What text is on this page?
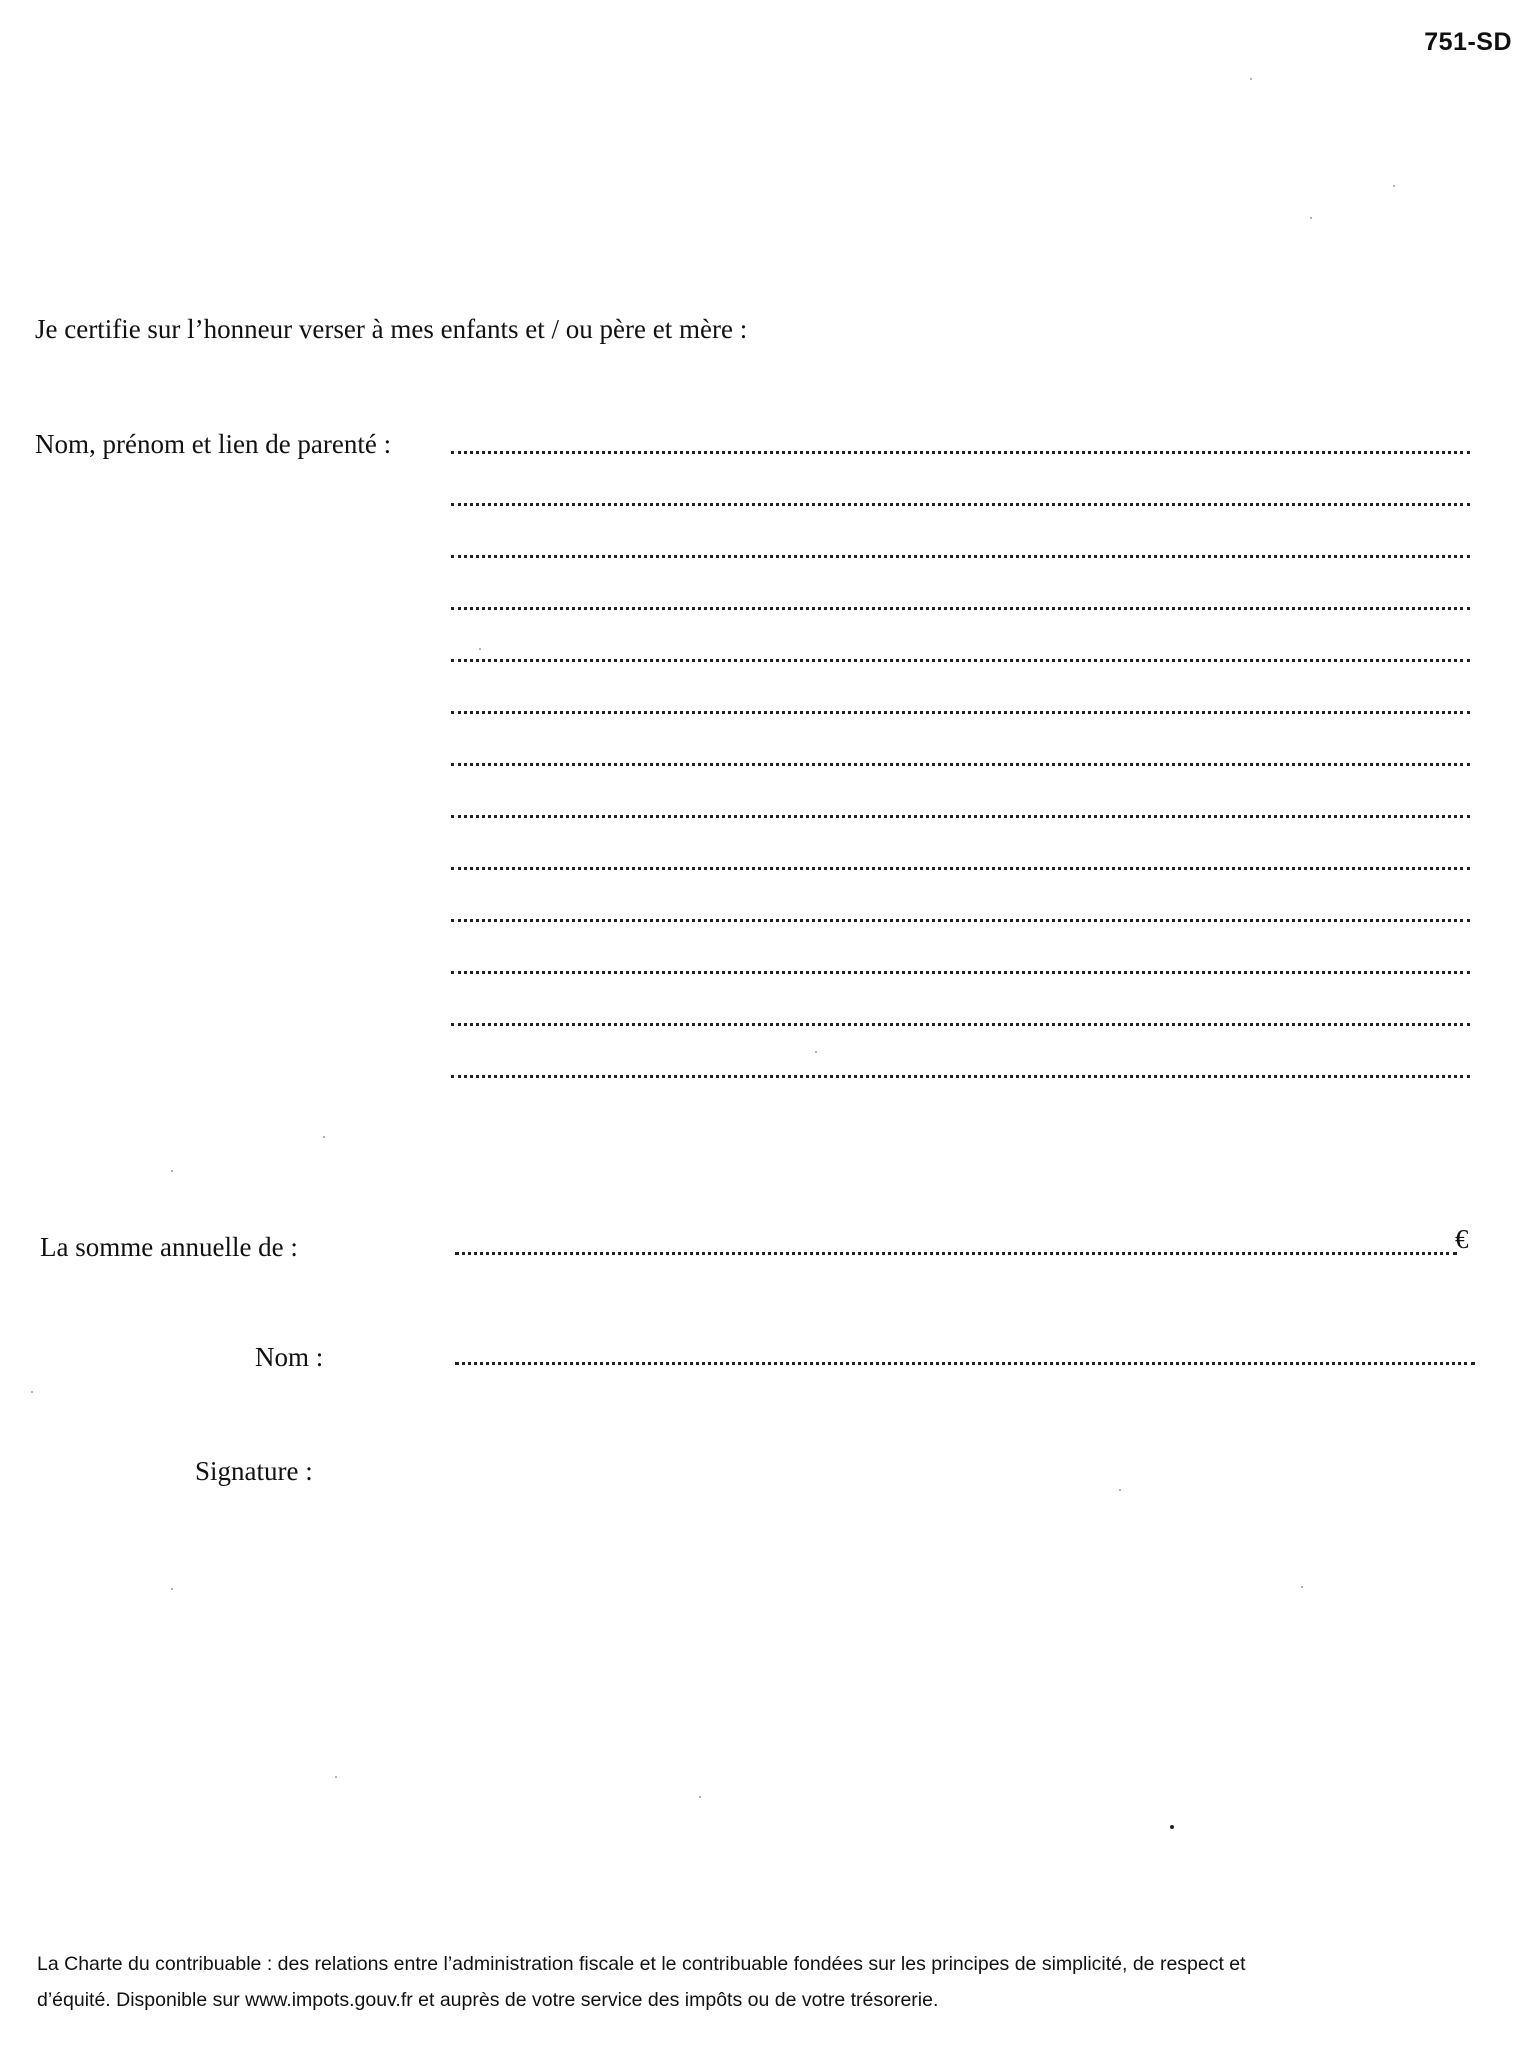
751-SD
Je certifie sur l’honneur verser à mes enfants et / ou père et mère :
Nom, prénom et lien de parenté :
La somme annuelle de :	€
Nom :
Signature :
La Charte du contribuable : des relations entre l’administration fiscale et le contribuable fondées sur les principes de simplicité, de respect et
d’équité. Disponible sur www.impots.gouv.fr et auprès de votre service des impôts ou de votre trésorerie.
